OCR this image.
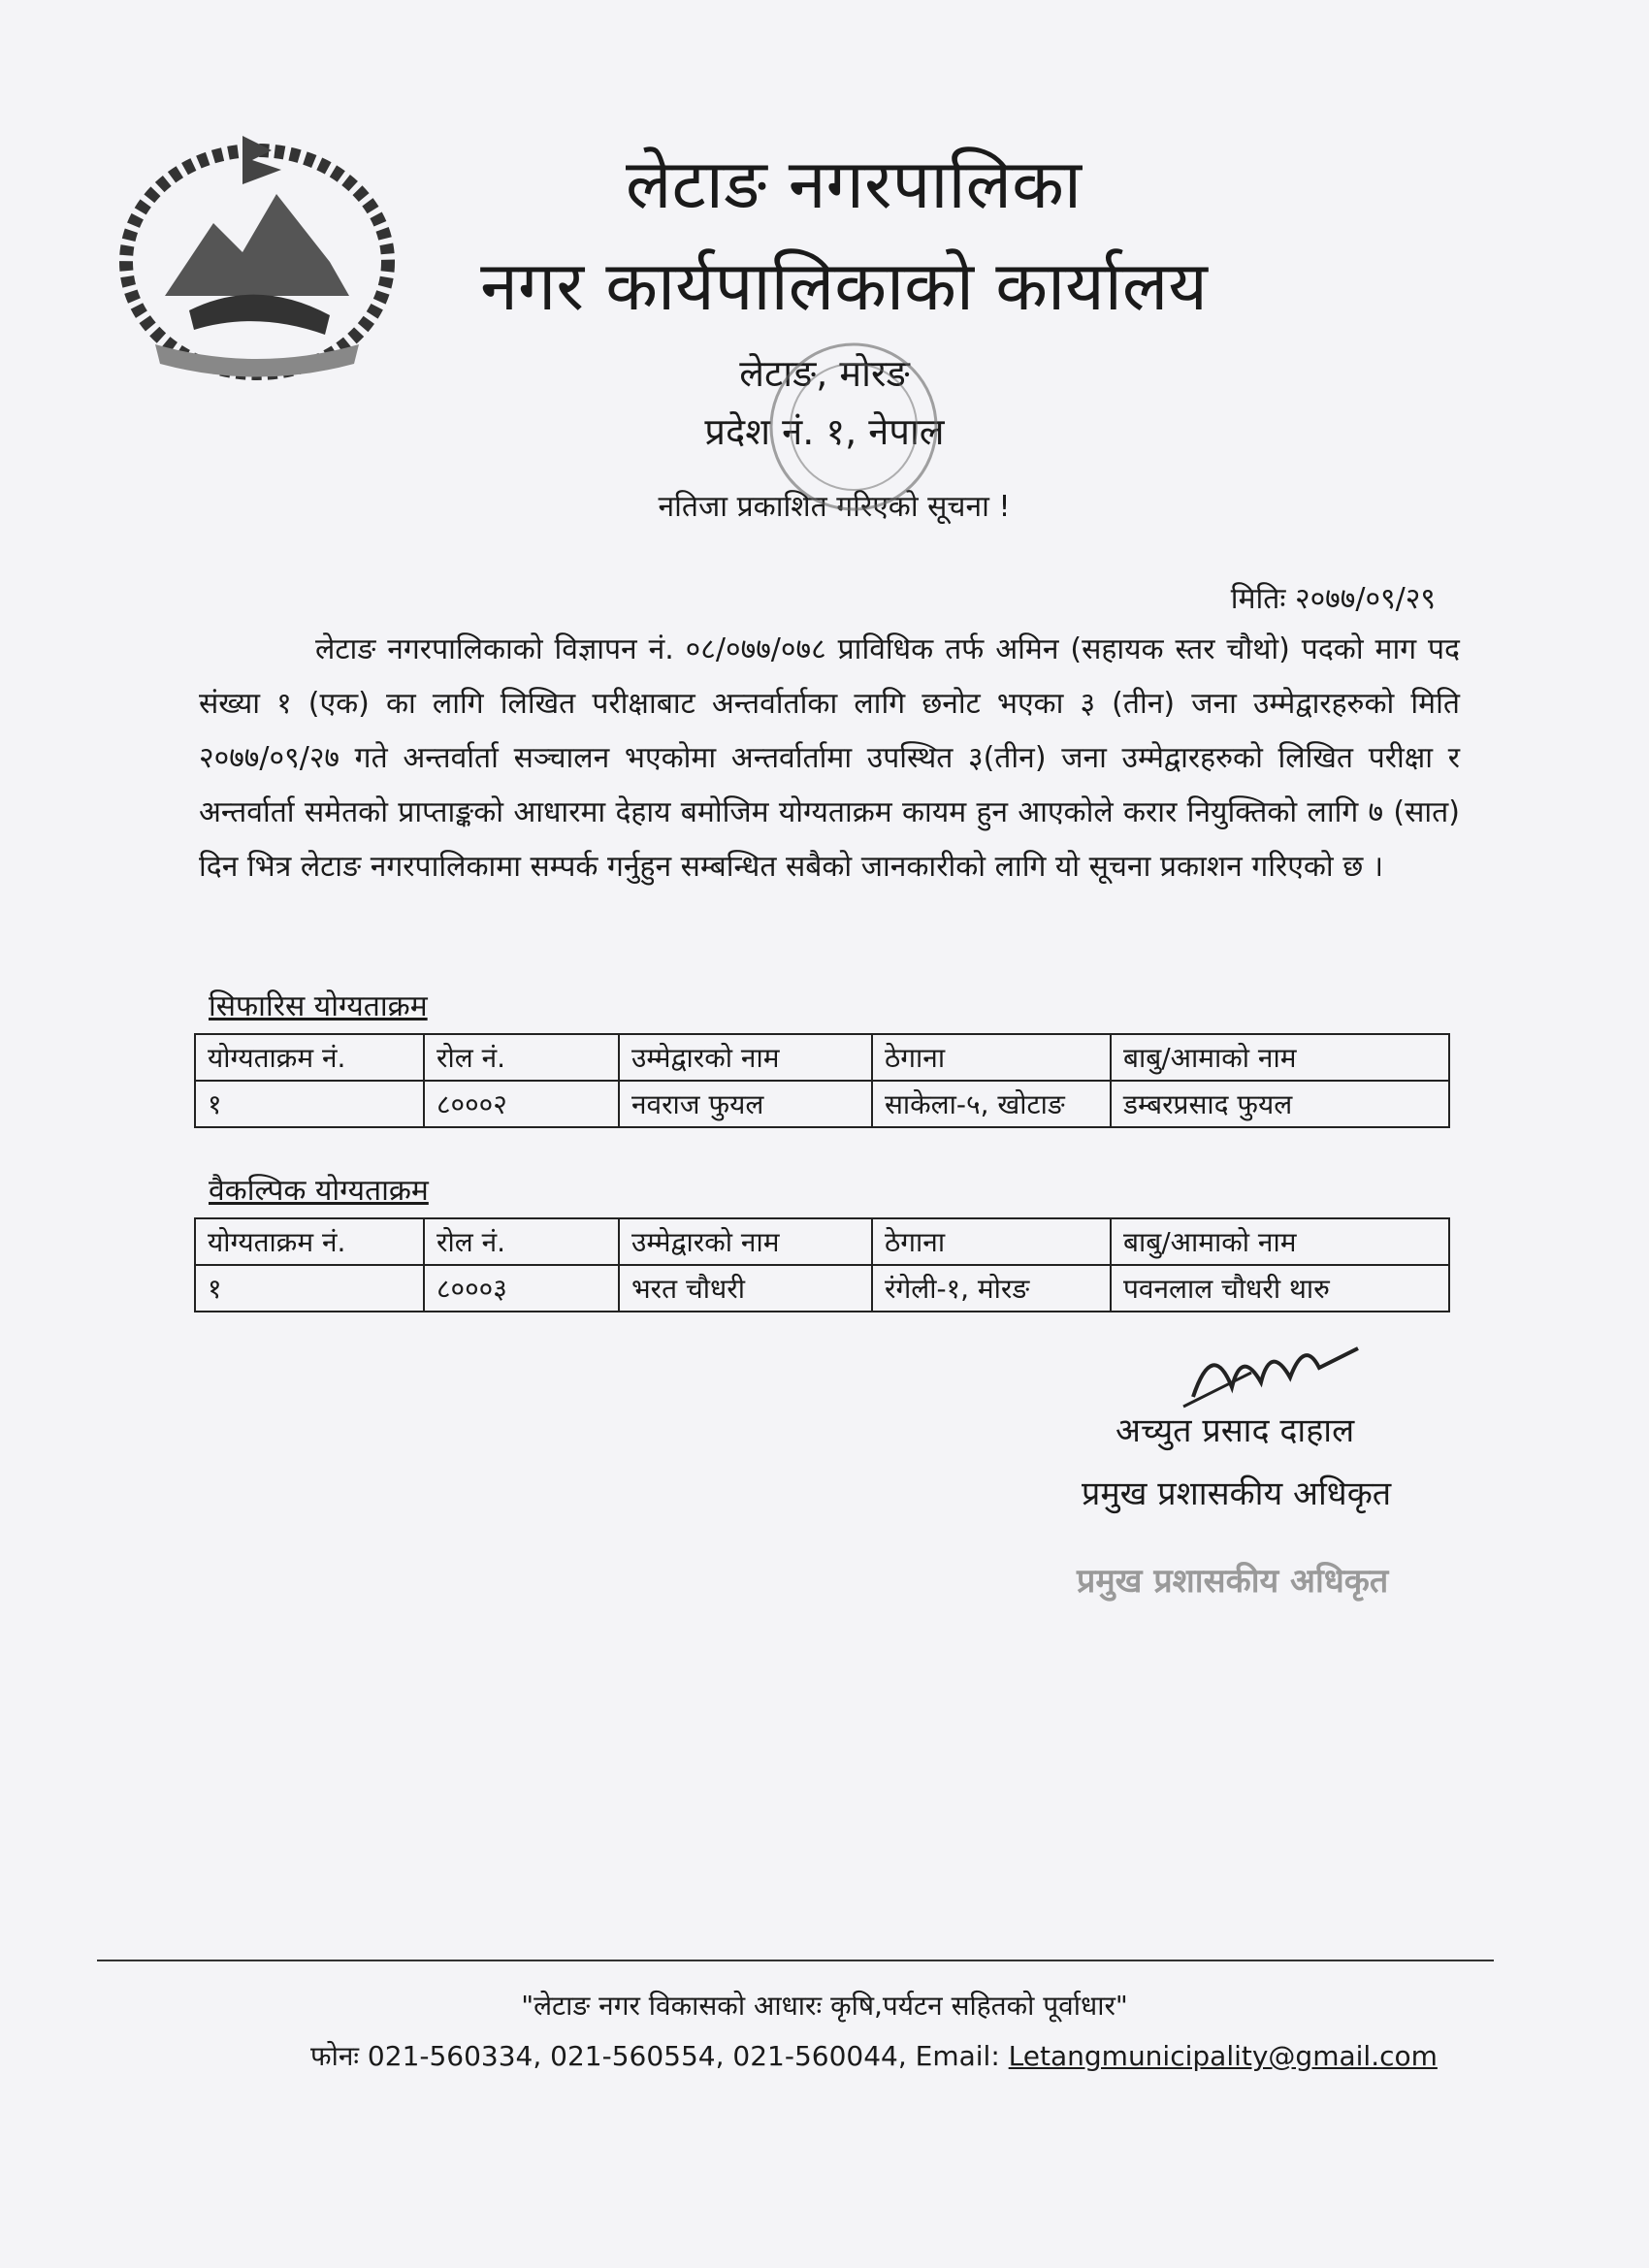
लेटाङ नगरपालिका
नगर कार्यपालिकाको कार्यालय
लेटाङ, मोरङ
प्रदेश नं. १, नेपाल
नतिजा प्रकाशित गरिएको सूचना !
मितिः २०७७/०९/२९
लेटाङ नगरपालिकाको विज्ञापन नं. ०८/०७७/०७८ प्राविधिक तर्फ अमिन (सहायक स्तर चौथो) पदको माग पद संख्या १ (एक) का लागि लिखित परीक्षाबाट अन्तर्वार्ताका लागि छनोट भएका ३ (तीन) जना उम्मेद्वारहरुको मिति २०७७/०९/२७ गते अन्तर्वार्ता सञ्चालन भएकोमा अन्तर्वार्तामा उपस्थित ३(तीन) जना उम्मेद्वारहरुको लिखित परीक्षा र अन्तर्वार्ता समेतको प्राप्ताङ्कको आधारमा देहाय बमोजिम योग्यताक्रम कायम हुन आएकोले करार नियुक्तिको लागि ७ (सात) दिन भित्र लेटाङ नगरपालिकामा सम्पर्क गर्नुहुन सम्बन्धित सबैको जानकारीको लागि यो सूचना प्रकाशन गरिएको छ ।
सिफारिस योग्यताक्रम
योग्यताक्रम नं.	रोल नं.	उम्मेद्वारको नाम	ठेगाना	बाबु/आमाको नाम
१	८०००२	नवराज फुयल	साकेला-५, खोटाङ	डम्बरप्रसाद फुयल
वैकल्पिक योग्यताक्रम
योग्यताक्रम नं.	रोल नं.	उम्मेद्वारको नाम	ठेगाना	बाबु/आमाको नाम
१	८०००३	भरत चौधरी	रंगेली-१, मोरङ	पवनलाल चौधरी थारु
अच्युत प्रसाद दाहाल
प्रमुख प्रशासकीय अधिकृत
प्रमुख प्रशासकीय अधिकृत
"लेटाङ नगर विकासको आधारः कृषि,पर्यटन सहितको पूर्वाधार"
फोनः 021-560334, 021-560554, 021-560044, Email: Letangmunicipality@gmail.com
